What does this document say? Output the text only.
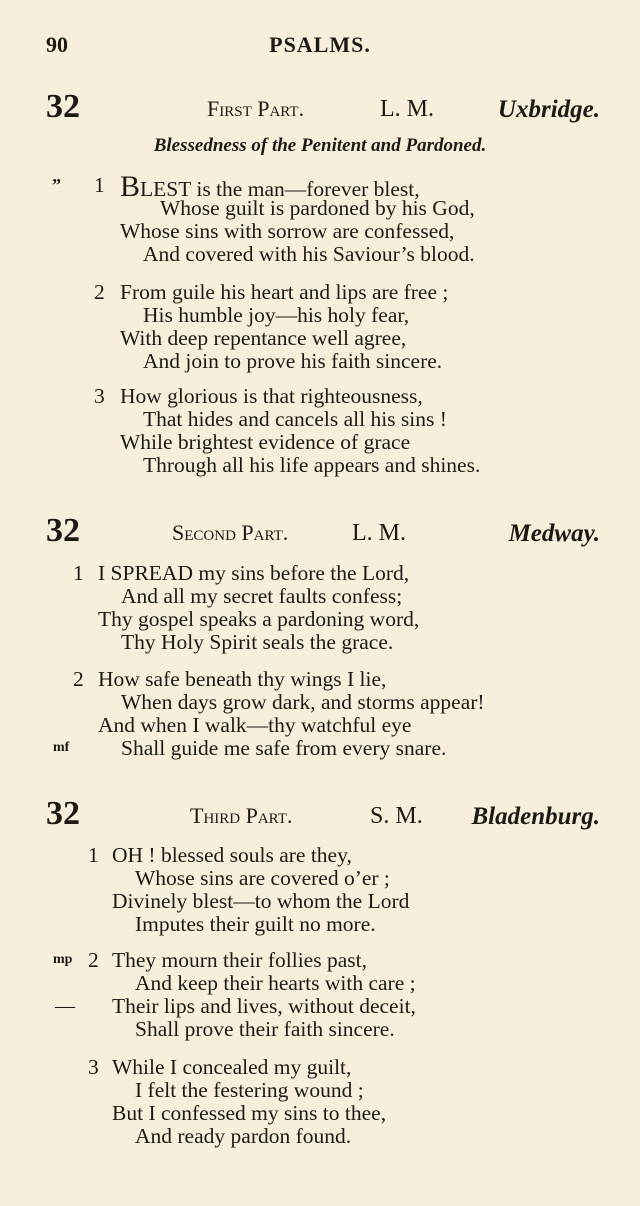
90	PSALMS.
32	First Part.	L. M.	Uxbridge.
Blessedness of the Penitent and Pardoned.
” 1 BLEST is the man—forever blest,
Whose guilt is pardoned by his God,
Whose sins with sorrow are confessed,
And covered with his Saviour’s blood.
2 From guile his heart and lips are free ;
His humble joy—his holy fear,
With deep repentance well agree,
And join to prove his faith sincere.
3 How glorious is that righteousness,
That hides and cancels all his sins !
While brightest evidence of grace
Through all his life appears and shines.
32	Second Part.	L. M.	Medway.
1 I SPREAD my sins before the Lord,
And all my secret faults confess;
Thy gospel speaks a pardoning word,
Thy Holy Spirit seals the grace.
2 How safe beneath thy wings I lie,
When days grow dark, and storms appear!
And when I walk—thy watchful eye
mf Shall guide me safe from every snare.
32	Third Part.	S. M. Bladenburg.
1 OH ! blessed souls are they,
Whose sins are covered o’er ;
Divinely blest—to whom the Lord
Imputes their guilt no more.
mp 2 They mourn their follies past,
And keep their hearts with care ;
— Their lips and lives, without deceit,
Shall prove their faith sincere.
3 While I concealed my guilt,
I felt the festering wound ;
But I confessed my sins to thee,
And ready pardon found.
